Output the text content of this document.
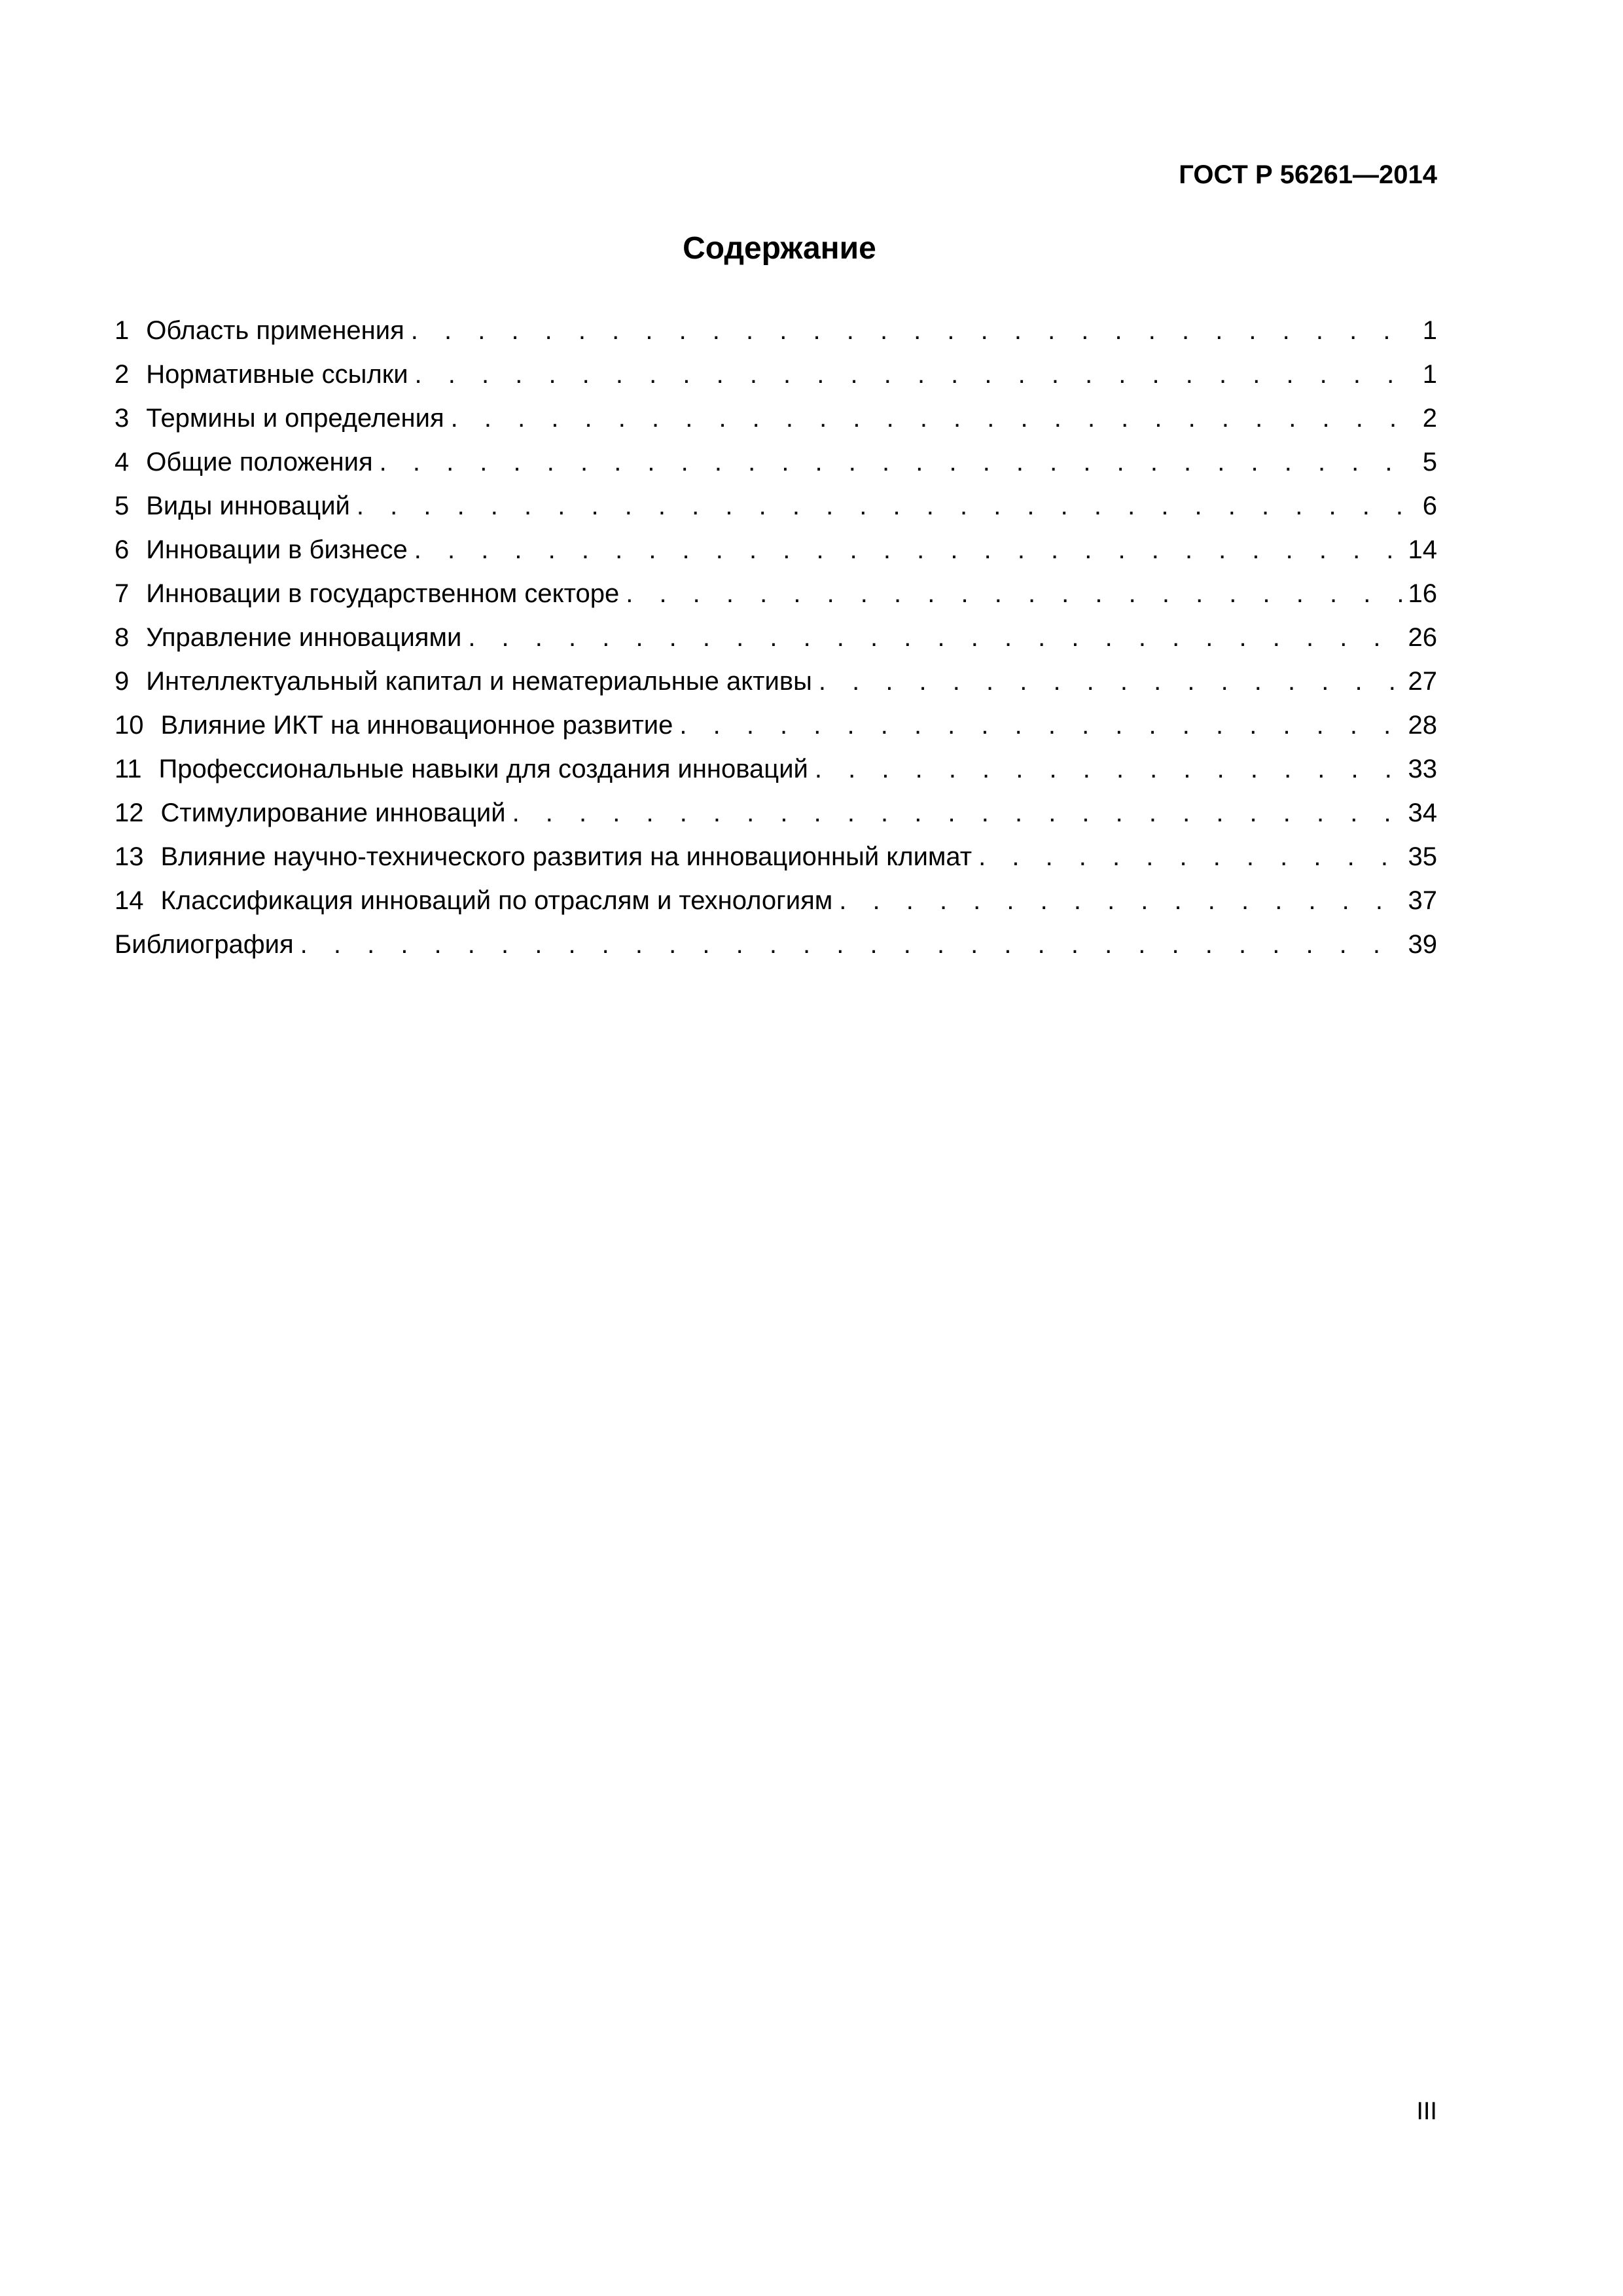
ГОСТ Р 56261—2014
Содержание
1 Область применения . . .	1
2 Нормативные ссылки . . .	1
3 Термины и определения . . .	2
4 Общие положения . . .	5
5 Виды инноваций . . .	6
6 Инновации в бизнесе . . .	14
7 Инновации в государственном секторе . . .	16
8 Управление инновациями . . .	26
9 Интеллектуальный капитал и нематериальные активы . . .	27
10 Влияние ИКТ на инновационное развитие . . .	28
11 Профессиональные навыки для создания инноваций . . .	33
12 Стимулирование инноваций . . .	34
13 Влияние научно-технического развития на инновационный климат . . .	35
14 Классификация инноваций по отраслям и технологиям . . .	37
Библиография . . .	39
III
